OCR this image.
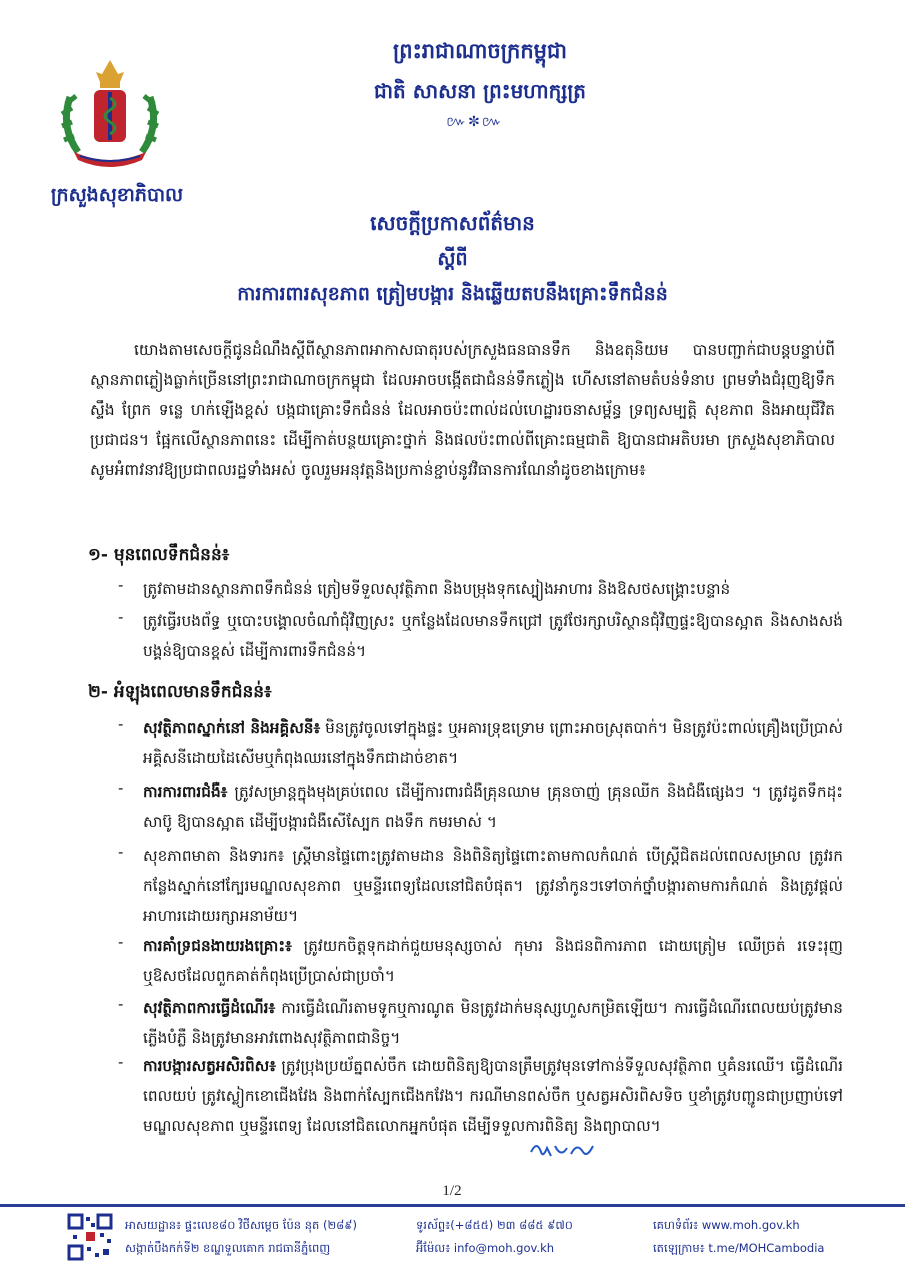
ក្រសួងសុខាភិបាល
ព្រះរាជាណាចក្រកម្ពុជា
ជាតិ សាសនា ព្រះមហាក្សត្រ
៚✼៚
សេចក្តីប្រកាសព័ត៌មាន
ស្តីពី
ការការពារសុខភាព ត្រៀមបង្ការ និងឆ្លើយតបនឹងគ្រោះទឹកជំនន់
យោងតាមសេចក្តីជូនដំណឹងស្តីពីស្ថានភាពអាកាសធាតុរបស់ក្រសួងធនធានទឹក និងឧតុនិយម បានបញ្ជាក់ជាបន្តបន្ទាប់ពីស្ថានភាពភ្លៀងធ្លាក់ច្រើននៅព្រះរាជាណាចក្រកម្ពុជា ដែលអាចបង្កើតជាជំនន់ទឹកភ្លៀង ហើសនៅតាមតំបន់ទំនាប ព្រមទាំងជំរុញឱ្យទឹកស្ទឹង ព្រែក ទន្លេ ហក់ឡើងខ្ពស់ បង្កជាគ្រោះទឹកជំនន់ ដែលអាចប៉ះពាល់ដល់ហេដ្ឋារចនាសម្ព័ន្ធ ទ្រព្យសម្បត្តិ សុខភាព និងអាយុជីវិតប្រជាជន។ ផ្អែកលើស្ថានភាពនេះ ដើម្បីកាត់បន្ថយគ្រោះថ្នាក់ និងផលប៉ះពាល់ពីគ្រោះធម្មជាតិ ឱ្យបានជាអតិបរមា ក្រសួងសុខាភិបាលសូមអំពាវនាវឱ្យប្រជាពលរដ្ឋទាំងអស់ ចូលរួមអនុវត្តនិងប្រកាន់ខ្ជាប់នូវវិធានការណែនាំដូចខាងក្រោម៖
១- មុនពេលទឹកជំនន់៖
-	ត្រូវតាមដានស្ថានភាពទឹកជំនន់ ត្រៀមទីទួលសុវត្ថិភាព និងបម្រុងទុកស្បៀងអាហារ និងឱសថសង្គ្រោះបន្ទាន់
-	ត្រូវធ្វើរបងព័ទ្ធ ឬបោះបង្គោលចំណាំជុំវិញស្រះ ឬកន្លែងដែលមានទឹកជ្រៅ ត្រូវថែរក្សាបរិស្ថានជុំវិញផ្ទះឱ្យបានស្អាត និងសាងសង់បង្គន់ឱ្យបានខ្ពស់ ដើម្បីការពារទឹកជំនន់។
២- អំឡុងពេលមានទឹកជំនន់៖
-	សុវត្ថិភាពស្នាក់នៅ និងអគ្គិសនី៖ មិនត្រូវចូលទៅក្នុងផ្ទះ ឬអគារទ្រុឌទ្រោម ព្រោះអាចស្រុតបាក់។ មិនត្រូវប៉ះពាល់គ្រឿងប្រើប្រាស់អគ្គិសនីដោយដៃសើមឬកំពុងឈរនៅក្នុងទឹកជាដាច់ខាត។
-	ការការពារជំងឺ៖ ត្រូវសម្រាន្តក្នុងមុងគ្រប់ពេល ដើម្បីការពារជំងឺគ្រុនឈាម គ្រុនចាញ់ គ្រុនឈីក និងជំងឺផ្សេងៗ ។ ត្រូវដូតទឹកដុះសាប៊ូ ឱ្យបានស្អាត ដើម្បីបង្ការជំងឺសើស្បែក ពងទឹក កមរមាស់ ។
-	សុខភាពមាតា និងទារក៖ ស្ត្រីមានផ្ទៃពោះត្រូវតាមដាន និងពិនិត្យផ្ទៃពោះតាមកាលកំណត់ បើស្ត្រីជិតដល់ពេលសម្រាល ត្រូវរកកន្លែងស្នាក់នៅក្បែរមណ្ឌលសុខភាព ឬមន្ទីរពេទ្យដែលនៅជិតបំផុត។ ត្រូវនាំកូនៗទៅចាក់ថ្នាំបង្ការតាមការកំណត់ និងត្រូវផ្តល់អាហារដោយរក្សាអនាម័យ។
-	ការគាំទ្រជនងាយរងគ្រោះ៖ ត្រូវយកចិត្តទុកដាក់ជួយមនុស្សចាស់ កុមារ និងជនពិការភាព ដោយត្រៀម ឈើច្រត់ រទេះរុញ ឬឱសថដែលពួកគាត់កំពុងប្រើប្រាស់ជាប្រចាំ។
-	សុវត្ថិភាពការធ្វើដំណើរ៖ ការធ្វើដំណើរតាមទូកឬការណូត មិនត្រូវដាក់មនុស្សហួសកម្រិតឡើយ។ ការធ្វើដំណើរពេលយប់ត្រូវមានភ្លើងបំភ្លឺ និងត្រូវមានអាវពោងសុវត្ថិភាពជានិច្ច។
-	ការបង្ការសត្វអសិរពិស៖ ត្រូវប្រុងប្រយ័ត្នពស់ចឹក ដោយពិនិត្យឱ្យបានត្រឹមត្រូវមុនទៅកាន់ទីទួលសុវត្ថិភាព ឬគំនរឈើ។ ធ្វើដំណើរពេលយប់ ត្រូវស្លៀកខោជើងវែង និងពាក់ស្បែកជើងកវែង។ ករណីមានពស់ចឹក ឬសត្វអសិរពិសទិច ឬខាំត្រូវបញ្ជូនជាប្រញាប់ទៅមណ្ឌលសុខភាព ឬមន្ទីរពេទ្យ ដែលនៅជិតលោកអ្នកបំផុត ដើម្បីទទួលការពិនិត្យ និងព្យាបាល។
1/2
អាសយដ្ឋាន៖ ផ្ទះលេខ៨០ វិថីសម្តេច ប៉ែន នុត (២៨៩)
សង្កាត់បឹងកក់ទី២ ខណ្ឌទួលគោក រាជធានីភ្នំពេញ
ទូរស័ព្ទ៖(+៨៥៥) ២៣ ៨៨៥ ៩៧០
អ៊ីម៉ែល៖ info@moh.gov.kh
គេហទំព័រ៖ www.moh.gov.kh
តេឡេក្រាម៖ t.me/MOHCambodia
